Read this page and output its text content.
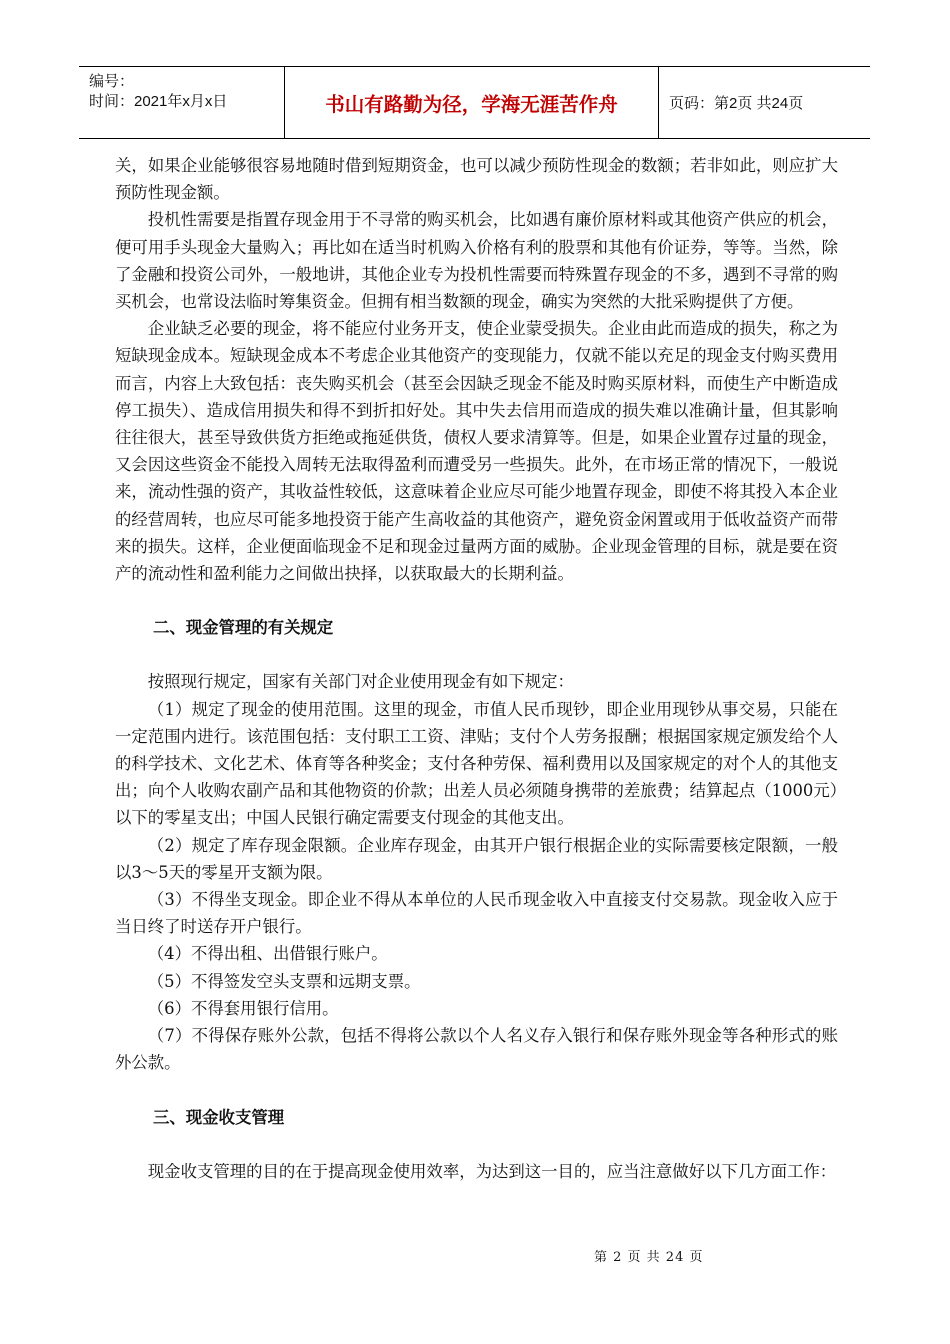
编号：
时间：2021年x月x日	书山有路勤为径，学海无涯苦作舟	页码：第2页 共24页

关，如果企业能够很容易地随时借到短期资金，也可以减少预防性现金的数额；若非如此，则应扩大预防性现金额。

投机性需要是指置存现金用于不寻常的购买机会，比如遇有廉价原材料或其他资产供应的机会，便可用手头现金大量购入；再比如在适当时机购入价格有利的股票和其他有价证券，等等。当然，除了金融和投资公司外，一般地讲，其他企业专为投机性需要而特殊置存现金的不多，遇到不寻常的购买机会，也常设法临时筹集资金。但拥有相当数额的现金，确实为突然的大批采购提供了方便。

企业缺乏必要的现金，将不能应付业务开支，使企业蒙受损失。企业由此而造成的损失，称之为短缺现金成本。短缺现金成本不考虑企业其他资产的变现能力，仅就不能以充足的现金支付购买费用而言，内容上大致包括：丧失购买机会（甚至会因缺乏现金不能及时购买原材料，而使生产中断造成停工损失）、造成信用损失和得不到折扣好处。其中失去信用而造成的损失难以准确计量，但其影响往往很大，甚至导致供货方拒绝或拖延供货，债权人要求清算等。但是，如果企业置存过量的现金，又会因这些资金不能投入周转无法取得盈利而遭受另一些损失。此外，在市场正常的情况下，一般说来，流动性强的资产，其收益性较低，这意味着企业应尽可能少地置存现金，即使不将其投入本企业的经营周转，也应尽可能多地投资于能产生高收益的其他资产，避免资金闲置或用于低收益资产而带来的损失。这样，企业便面临现金不足和现金过量两方面的威胁。企业现金管理的目标，就是要在资产的流动性和盈利能力之间做出抉择，以获取最大的长期利益。

二、现金管理的有关规定

按照现行规定，国家有关部门对企业使用现金有如下规定：

（1）规定了现金的使用范围。这里的现金，市值人民币现钞，即企业用现钞从事交易，只能在一定范围内进行。该范围包括：支付职工工资、津贴；支付个人劳务报酬；根据国家规定颁发给个人的科学技术、文化艺术、体育等各种奖金；支付各种劳保、福利费用以及国家规定的对个人的其他支出；向个人收购农副产品和其他物资的价款；出差人员必须随身携带的差旅费；结算起点（1000元）以下的零星支出；中国人民银行确定需要支付现金的其他支出。

（2）规定了库存现金限额。企业库存现金，由其开户银行根据企业的实际需要核定限额，一般以3～5天的零星开支额为限。

（3）不得坐支现金。即企业不得从本单位的人民币现金收入中直接支付交易款。现金收入应于当日终了时送存开户银行。

（4）不得出租、出借银行账户。

（5）不得签发空头支票和远期支票。

（6）不得套用银行信用。

（7）不得保存账外公款，包括不得将公款以个人名义存入银行和保存账外现金等各种形式的账外公款。

三、现金收支管理

现金收支管理的目的在于提高现金使用效率，为达到这一目的，应当注意做好以下几方面工作：

第 2 页 共 24 页
